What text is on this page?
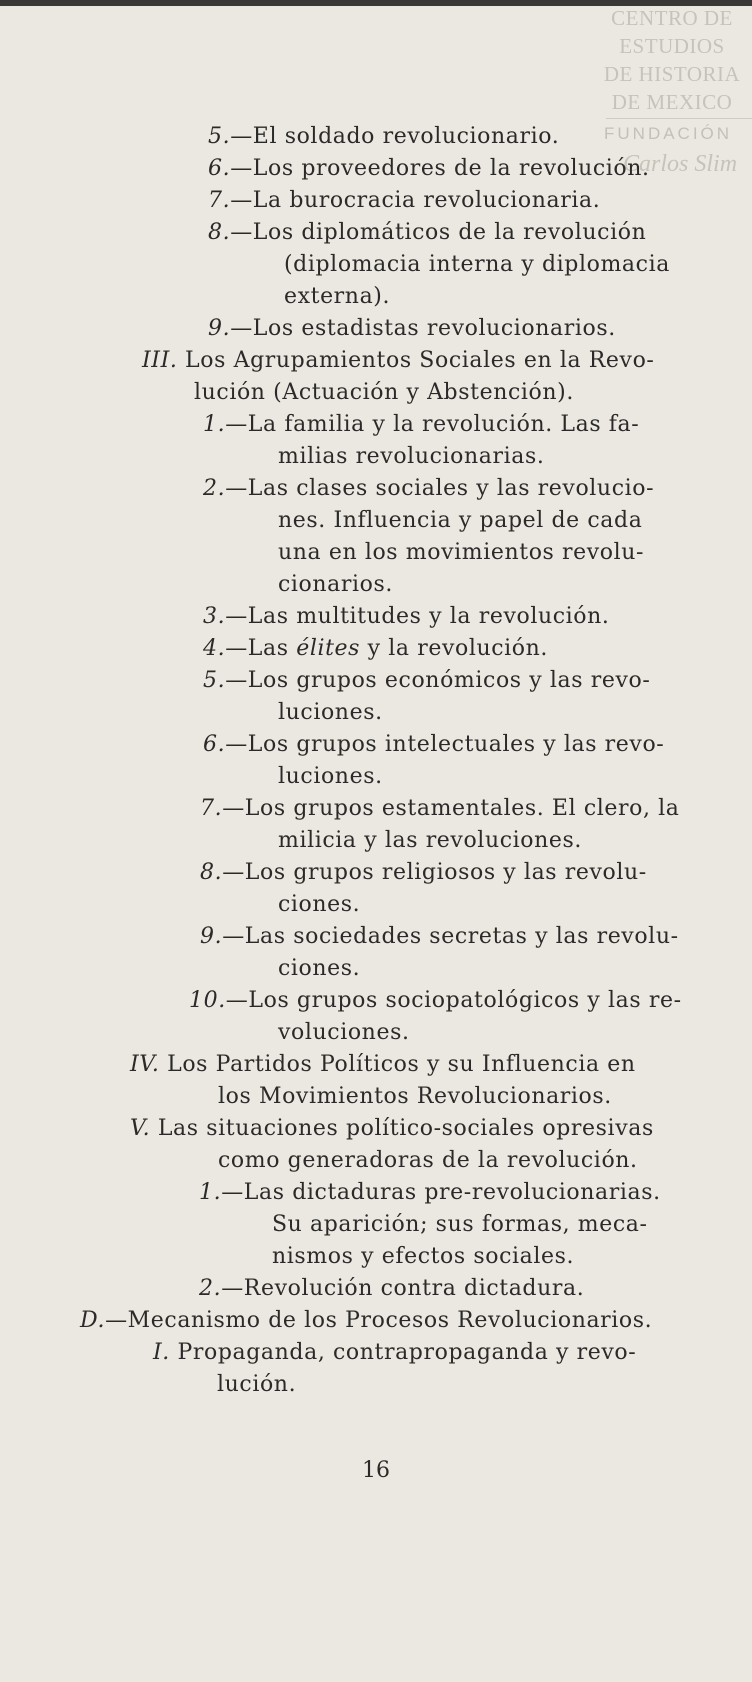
CENTRO DE
ESTUDIOS
DE HISTORIA
DE MEXICO
FUNDACIÓN
Carlos Slim
5.—El soldado revolucionario.
6.—Los proveedores de la revolución.
7.—La burocracia revolucionaria.
8.—Los diplomáticos de la revolución
(diplomacia interna y diplomacia
externa).
9.—Los estadistas revolucionarios.
III. Los Agrupamientos Sociales en la Revo-
lución (Actuación y Abstención).
1.—La familia y la revolución. Las fa-
milias revolucionarias.
2.—Las clases sociales y las revolucio-
nes. Influencia y papel de cada
una en los movimientos revolu-
cionarios.
3.—Las multitudes y la revolución.
4.—Las élites y la revolución.
5.—Los grupos económicos y las revo-
luciones.
6.—Los grupos intelectuales y las revo-
luciones.
7.—Los grupos estamentales. El clero, la
milicia y las revoluciones.
8.—Los grupos religiosos y las revolu-
ciones.
9.—Las sociedades secretas y las revolu-
ciones.
10.—Los grupos sociopatológicos y las re-
voluciones.
IV. Los Partidos Políticos y su Influencia en
los Movimientos Revolucionarios.
V. Las situaciones político-sociales opresivas
como generadoras de la revolución.
1.—Las dictaduras pre-revolucionarias.
Su aparición; sus formas, meca-
nismos y efectos sociales.
2.—Revolución contra dictadura.
D.—Mecanismo de los Procesos Revolucionarios.
I. Propaganda, contrapropaganda y revo-
lución.
16
